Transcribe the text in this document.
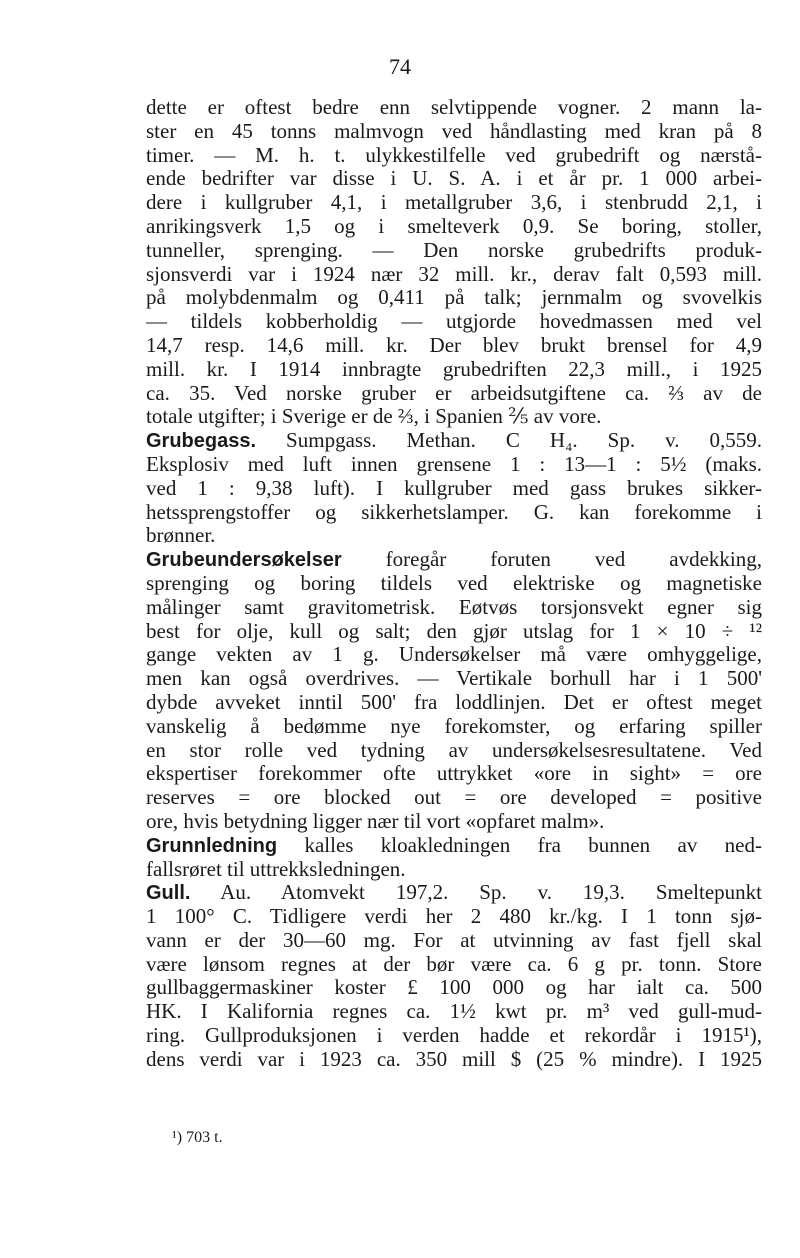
74
dette er oftest bedre enn selvtippende vogner. 2 mann la-
ster en 45 tonns malmvogn ved håndlasting med kran på 8
timer. — M. h. t. ulykkestilfelle ved grubedrift og nærstå-
ende bedrifter var disse i U. S. A. i et år pr. 1 000 arbei-
dere i kullgruber 4,1, i metallgruber 3,6, i stenbrudd 2,1, i
anrikingsverk 1,5 og i smelteverk 0,9. Se boring, stoller,
tunneller, sprenging. — Den norske grubedrifts produk-
sjonsverdi var i 1924 nær 32 mill. kr., derav falt 0,593 mill.
på molybdenmalm og 0,411 på talk; jernmalm og svovelkis
— tildels kobberholdig — utgjorde hovedmassen med vel
14,7 resp. 14,6 mill. kr. Der blev brukt brensel for 4,9
mill. kr. I 1914 innbragte grubedriften 22,3 mill., i 1925
ca. 35. Ved norske gruber er arbeidsutgiftene ca. ⅔ av de
totale utgifter; i Sverige er de ⅔, i Spanien ⅖ av vore.
Grubegass. Sumpgass. Methan. C H₄. Sp. v. 0,559.
Eksplosiv med luft innen grensene 1 : 13—1 : 5½ (maks.
ved 1 : 9,38 luft). I kullgruber med gass brukes sikker-
hetssprengstoffer og sikkerhetslamper. G. kan forekomme i
brønner.
Grubeundersøkelser foregår foruten ved avdekking,
sprenging og boring tildels ved elektriske og magnetiske
målinger samt gravitometrisk. Eøtvøs torsjonsvekt egner sig
best for olje, kull og salt; den gjør utslag for 1 × 10 ÷ ¹²
gange vekten av 1 g. Undersøkelser må være omhyggelige,
men kan også overdrives. — Vertikale borhull har i 1 500'
dybde avveket inntil 500' fra loddlinjen. Det er oftest meget
vanskelig å bedømme nye forekomster, og erfaring spiller
en stor rolle ved tydning av undersøkelsesresultatene. Ved
ekspertiser forekommer ofte uttrykket «ore in sight» = ore
reserves = ore blocked out = ore developed = positive
ore, hvis betydning ligger nær til vort «opfaret malm».
Grunnledning kalles kloakledningen fra bunnen av ned-
fallsrøret til uttrekksledningen.
Gull. Au. Atomvekt 197,2. Sp. v. 19,3. Smeltepunkt
1 100° C. Tidligere verdi her 2 480 kr./kg. I 1 tonn sjø-
vann er der 30—60 mg. For at utvinning av fast fjell skal
være lønsom regnes at der bør være ca. 6 g pr. tonn. Store
gullbaggermaskiner koster £ 100 000 og har ialt ca. 500
HK. I Kalifornia regnes ca. 1½ kwt pr. m³ ved gull-mud-
ring. Gullproduksjonen i verden hadde et rekordår i 1915¹),
dens verdi var i 1923 ca. 350 mill $ (25 % mindre). I 1925
¹) 703 t.
